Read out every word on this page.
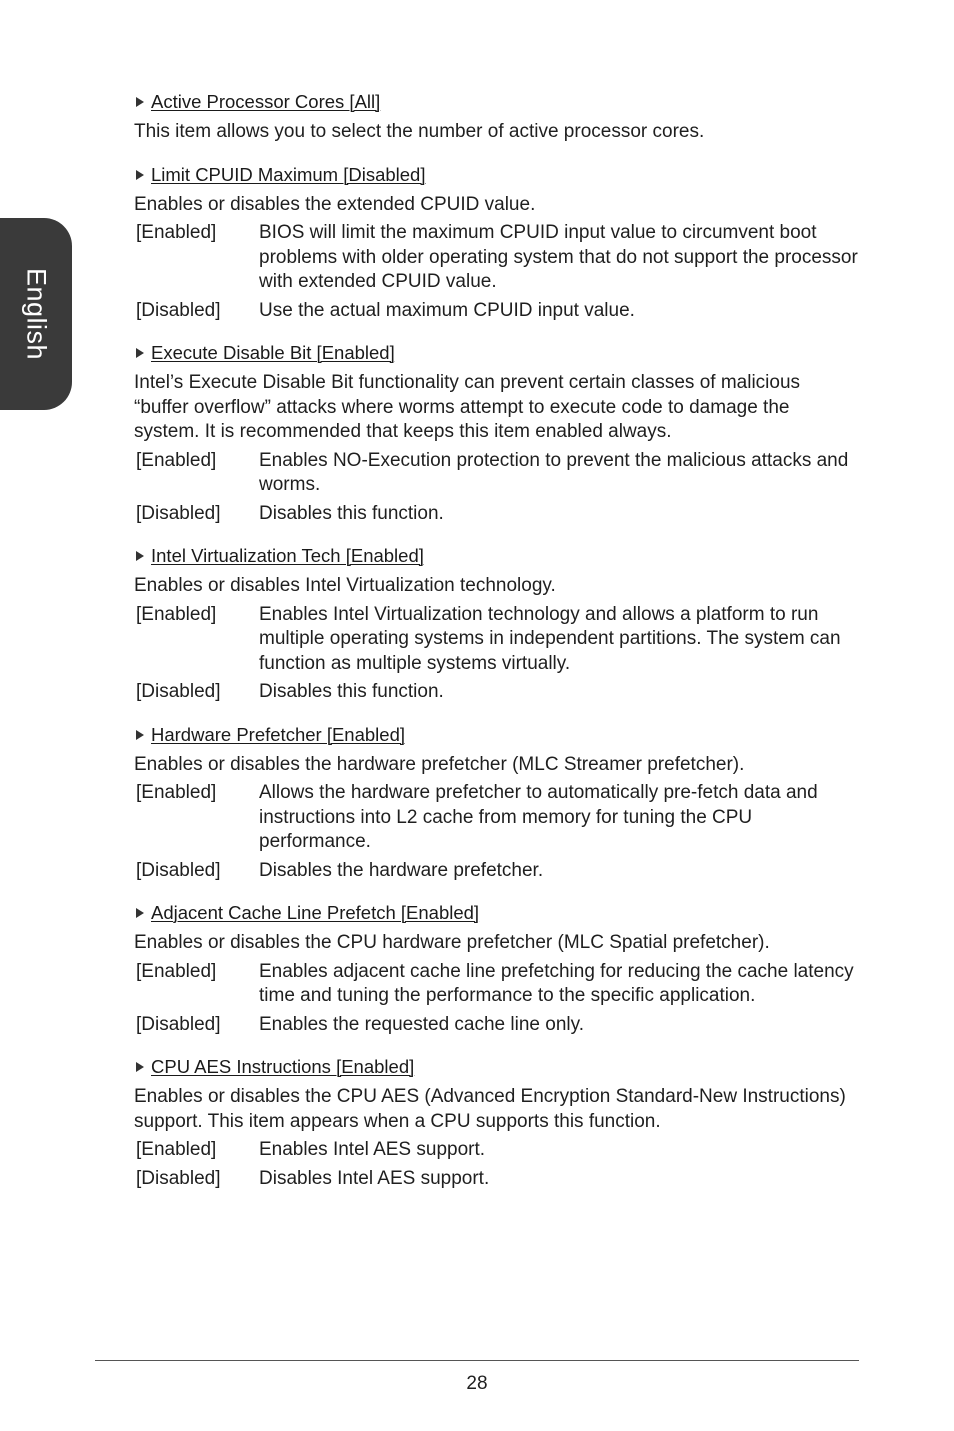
English
Active Processor Cores [All]
This item allows you to select the number of active processor cores.
Limit CPUID Maximum [Disabled]
Enables or disables the extended CPUID value.
[Enabled]	BIOS will limit the maximum CPUID input value to circumvent boot problems with older operating system that do not support the processor with extended CPUID value.
[Disabled]	Use the actual maximum CPUID input value.
Execute Disable Bit [Enabled]
Intel’s Execute Disable Bit functionality can prevent certain classes of malicious “buffer overflow” attacks where worms attempt to execute code to damage the system. It is recommended that keeps this item enabled always.
[Enabled]	Enables NO-Execution protection to prevent the malicious attacks and worms.
[Disabled]	Disables this function.
Intel Virtualization Tech [Enabled]
Enables or disables Intel Virtualization technology.
[Enabled]	Enables Intel Virtualization technology and allows a platform to run multiple operating systems in independent partitions. The system can function as multiple systems virtually.
[Disabled]	Disables this function.
Hardware Prefetcher [Enabled]
Enables or disables the hardware prefetcher (MLC Streamer prefetcher).
[Enabled]	Allows the hardware prefetcher to automatically pre-fetch data and instructions into L2 cache from memory for tuning the CPU performance.
[Disabled]	Disables the hardware prefetcher.
Adjacent Cache Line Prefetch [Enabled]
Enables or disables the CPU hardware prefetcher (MLC Spatial prefetcher).
[Enabled]	Enables adjacent cache line prefetching for reducing the cache latency time and tuning the performance to the specific application.
[Disabled]	Enables the requested cache line only.
CPU AES Instructions [Enabled]
Enables or disables the CPU AES (Advanced Encryption Standard-New Instructions) support. This item appears when a CPU supports this function.
[Enabled]	Enables Intel AES support.
[Disabled]	Disables Intel AES support.
28
